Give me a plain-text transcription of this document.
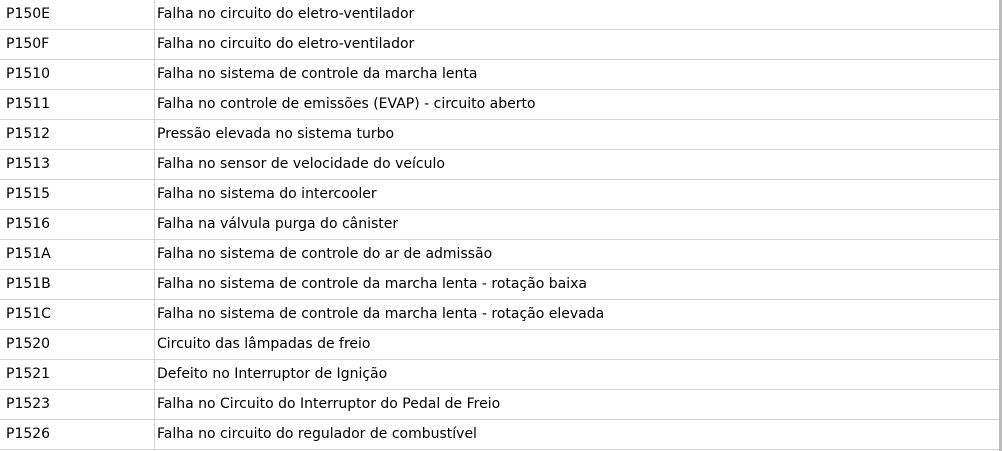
P150E	Falha no circuito do eletro-ventilador
P150F	Falha no circuito do eletro-ventilador
P1510	Falha no sistema de controle da marcha lenta
P1511	Falha no controle de emissões (EVAP) - circuito aberto
P1512	Pressão elevada no sistema turbo
P1513	Falha no sensor de velocidade do veículo
P1515	Falha no sistema do intercooler
P1516	Falha na válvula purga do cânister
P151A	Falha no sistema de controle do ar de admissão
P151B	Falha no sistema de controle da marcha lenta - rotação baixa
P151C	Falha no sistema de controle da marcha lenta - rotação elevada
P1520	Circuito das lâmpadas de freio
P1521	Defeito no Interruptor de Ignição
P1523	Falha no Circuito do Interruptor do Pedal de Freio
P1526	Falha no circuito do regulador de combustível
